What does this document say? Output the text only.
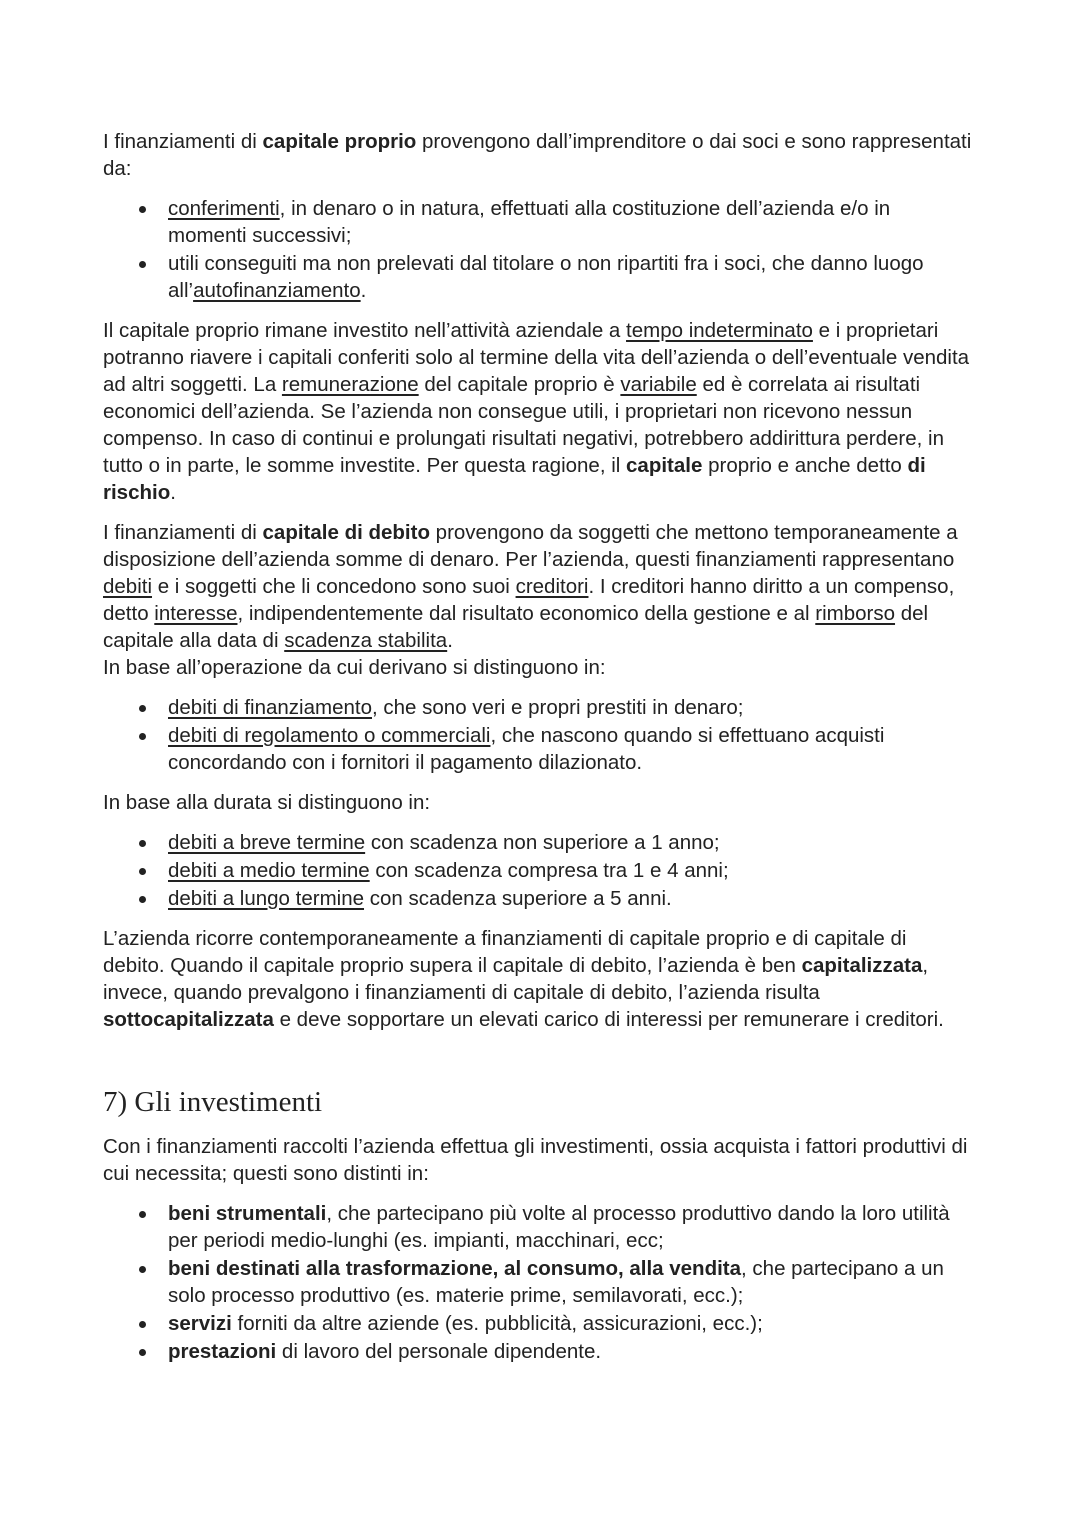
I finanziamenti di capitale proprio provengono dall’imprenditore o dai soci e sono rappresentati da:

conferimenti, in denaro o in natura, effettuati alla costituzione dell’azienda e/o in momenti successivi;
utili conseguiti ma non prelevati dal titolare o non ripartiti fra i soci, che danno luogo all’autofinanziamento.

Il capitale proprio rimane investito nell’attività aziendale a tempo indeterminato e i proprietari potranno riavere i capitali conferiti solo al termine della vita dell’azienda o dell’eventuale vendita ad altri soggetti. La remunerazione del capitale proprio è variabile ed è correlata ai risultati economici dell’azienda. Se l’azienda non consegue utili, i proprietari non ricevono nessun compenso. In caso di continui e prolungati risultati negativi, potrebbero addirittura perdere, in tutto o in parte, le somme investite. Per questa ragione, il capitale proprio e anche detto di rischio.

I finanziamenti di capitale di debito provengono da soggetti che mettono temporaneamente a disposizione dell’azienda somme di denaro. Per l’azienda, questi finanziamenti rappresentano debiti e i soggetti che li concedono sono suoi creditori. I creditori hanno diritto a un compenso, detto interesse, indipendentemente dal risultato economico della gestione e al rimborso del capitale alla data di scadenza stabilita.
In base all’operazione da cui derivano si distinguono in:

debiti di finanziamento, che sono veri e propri prestiti in denaro;
debiti di regolamento o commerciali, che nascono quando si effettuano acquisti concordando con i fornitori il pagamento dilazionato.

In base alla durata si distinguono in:

debiti a breve termine con scadenza non superiore a 1 anno;
debiti a medio termine con scadenza compresa tra 1 e 4 anni;
debiti a lungo termine con scadenza superiore a 5 anni.

L’azienda ricorre contemporaneamente a finanziamenti di capitale proprio e di capitale di debito. Quando il capitale proprio supera il capitale di debito, l’azienda è ben capitalizzata, invece, quando prevalgono i finanziamenti di capitale di debito, l’azienda risulta sottocapitalizzata e deve sopportare un elevati carico di interessi per remunerare i creditori.

7) Gli investimenti

Con i finanziamenti raccolti l’azienda effettua gli investimenti, ossia acquista i fattori produttivi di cui necessita; questi sono distinti in:

beni strumentali, che partecipano più volte al processo produttivo dando la loro utilità per periodi medio-lunghi (es. impianti, macchinari, ecc;
beni destinati alla trasformazione, al consumo, alla vendita, che partecipano a un solo processo produttivo (es. materie prime, semilavorati, ecc.);
servizi forniti da altre aziende (es. pubblicità, assicurazioni, ecc.);
prestazioni di lavoro del personale dipendente.
